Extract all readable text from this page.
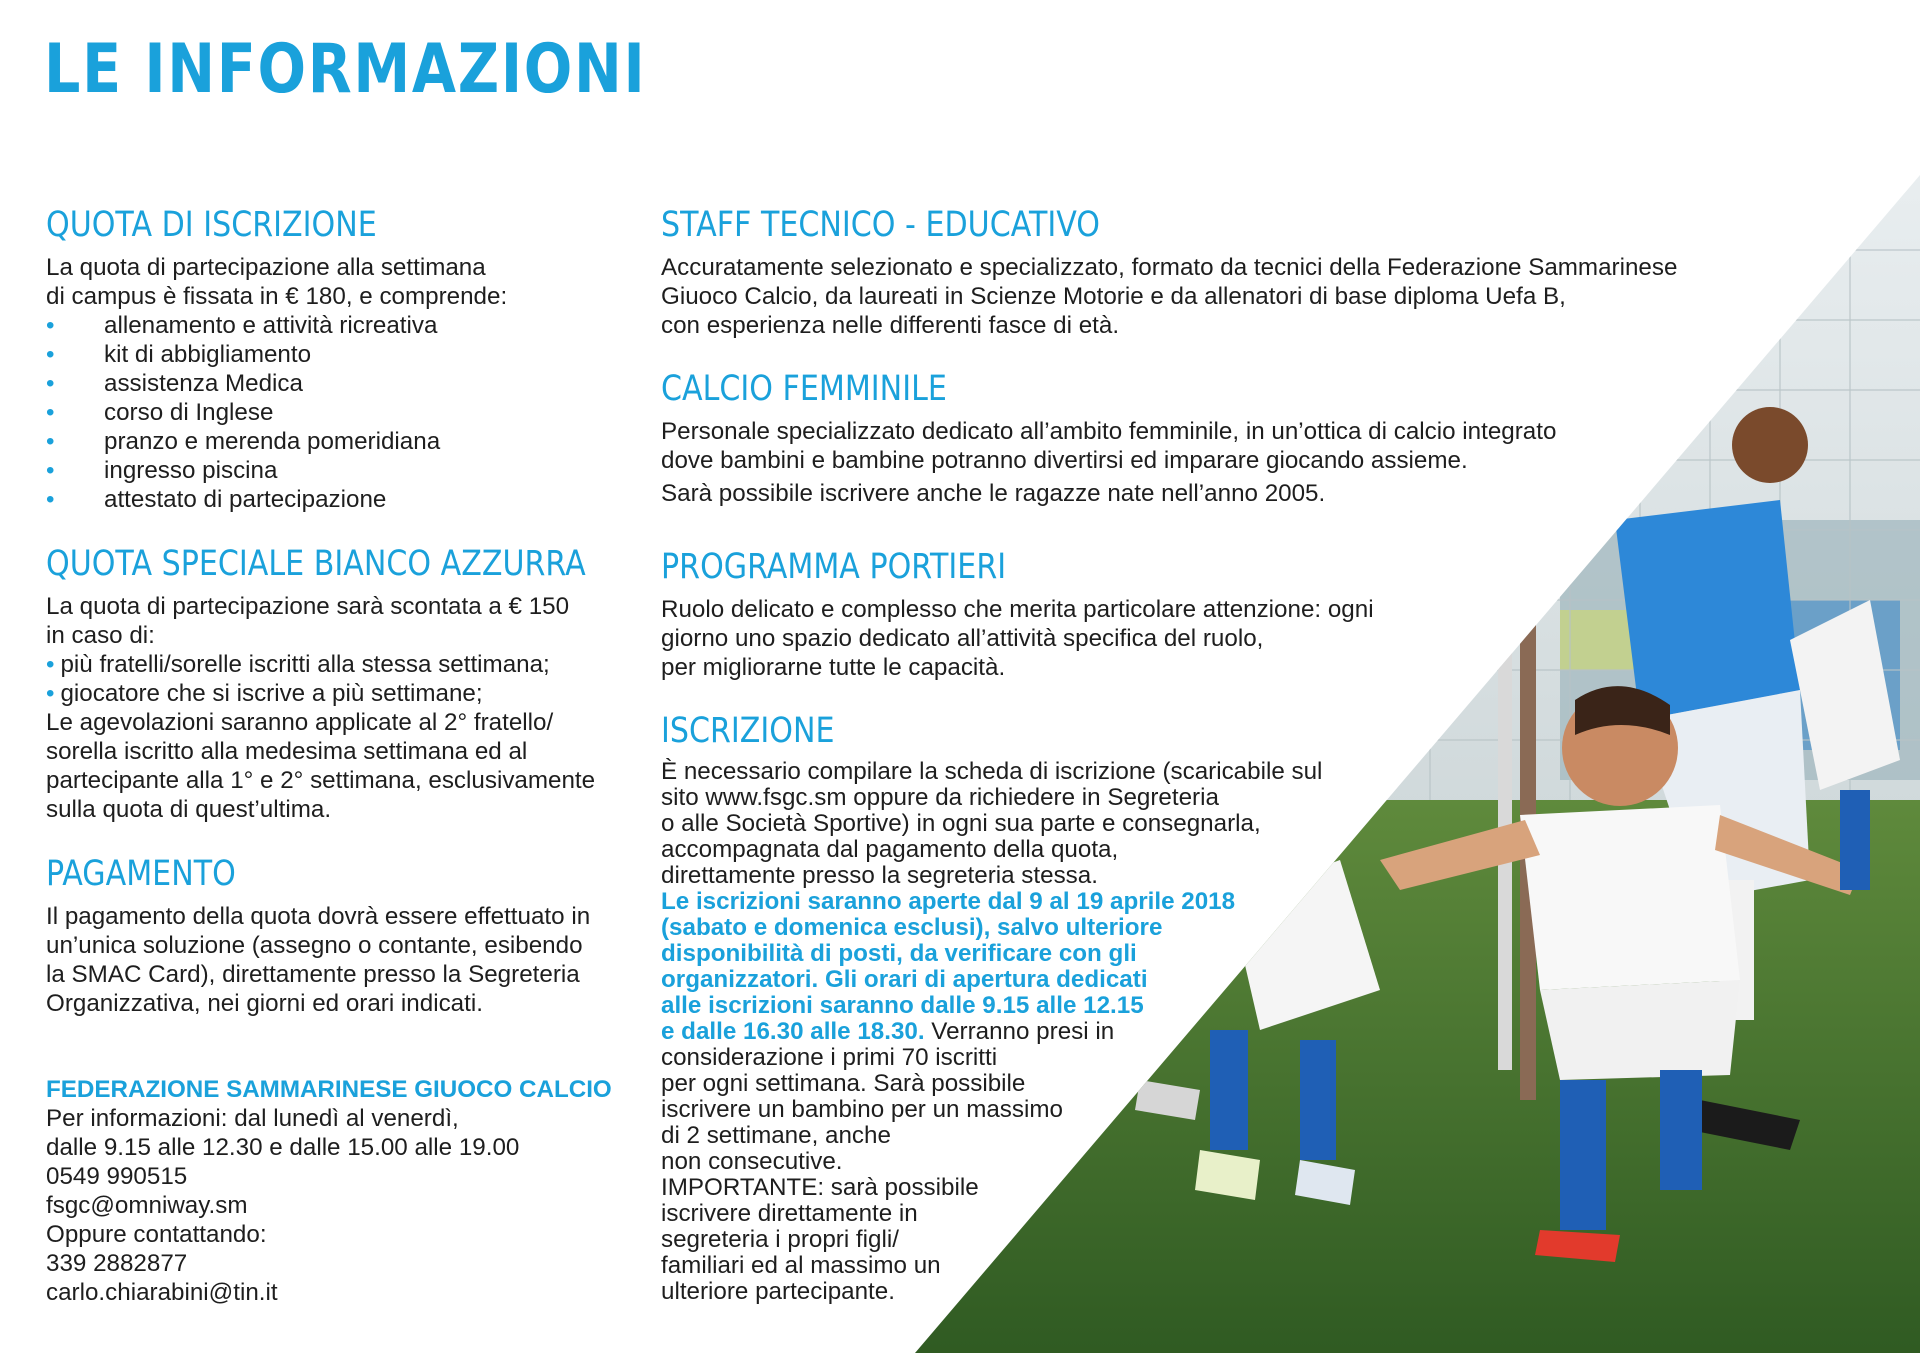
LE INFORMAZIONI
QUOTA DI ISCRIZIONE

La quota di partecipazione alla settimana

di campus è fissata in € 180, e comprende:

• allenamento e attività ricreativa
• kit di abbigliamento
• assistenza Medica
• corso di Inglese
• pranzo e merenda pomeridiana
• ingresso piscina
• attestato di partecipazione
QUOTA SPECIALE BIANCO AZZURRA

La quota di partecipazione sarà scontata a € 150

in caso di:

• più fratelli/sorelle iscritti alla stessa settimana;
• giocatore che si iscrive a più settimane;

Le agevolazioni saranno applicate al 2° fratello/

sorella iscritto alla medesima settimana ed al

partecipante alla 1° e 2° settimana, esclusivamente

sulla quota di quest’ultima.

PAGAMENTO

Il pagamento della quota dovrà essere effettuato in

un’unica soluzione (assegno o contante, esibendo

la SMAC Card), direttamente presso la Segreteria

Organizzativa, nei giorni ed orari indicati.

FEDERAZIONE SAMMARINESE GIUOCO CALCIO

Per informazioni: dal lunedì al venerdì,

dalle 9.15 alle 12.30 e dalle 15.00 alle 19.00

0549 990515

fsgc@omniway.sm

Oppure contattando:

339 2882877

carlo.chiarabini@tin.it

STAFF TECNICO - EDUCATIVO

Accuratamente selezionato e specializzato, formato da tecnici della Federazione Sammarinese

Giuoco Calcio, da laureati in Scienze Motorie e da allenatori di base diploma Uefa B,

con esperienza nelle differenti fasce di età.

CALCIO FEMMINILE

Personale specializzato dedicato all’ambito femminile, in un’ottica di calcio integrato

dove bambini e bambine potranno divertirsi ed imparare giocando assieme.

Sarà possibile iscrivere anche le ragazze nate nell’anno 2005.

PROGRAMMA PORTIERI

Ruolo delicato e complesso che merita particolare attenzione: ogni

giorno uno spazio dedicato all’attività specifica del ruolo,

per migliorarne tutte le capacità.

ISCRIZIONE

È necessario compilare la scheda di iscrizione (scaricabile sul

sito www.fsgc.sm oppure da richiedere in Segreteria

o alle Società Sportive) in ogni sua parte e consegnarla,

accompagnata dal pagamento della quota,

direttamente presso la segreteria stessa.

Le iscrizioni saranno aperte dal 9 al 19 aprile 2018

(sabato e domenica esclusi), salvo ulteriore

disponibilità di posti, da verificare con gli

organizzatori. Gli orari di apertura dedicati

alle iscrizioni saranno dalle 9.15 alle 12.15

e dalle 16.30 alle 18.30. Verranno presi in

considerazione i primi 70 iscritti

per ogni settimana. Sarà possibile

iscrivere un bambino per un massimo

di 2 settimane, anche

non consecutive.

IMPORTANTE: sarà possibile

iscrivere direttamente in

segreteria i propri figli/

familiari ed al massimo un

ulteriore partecipante.
